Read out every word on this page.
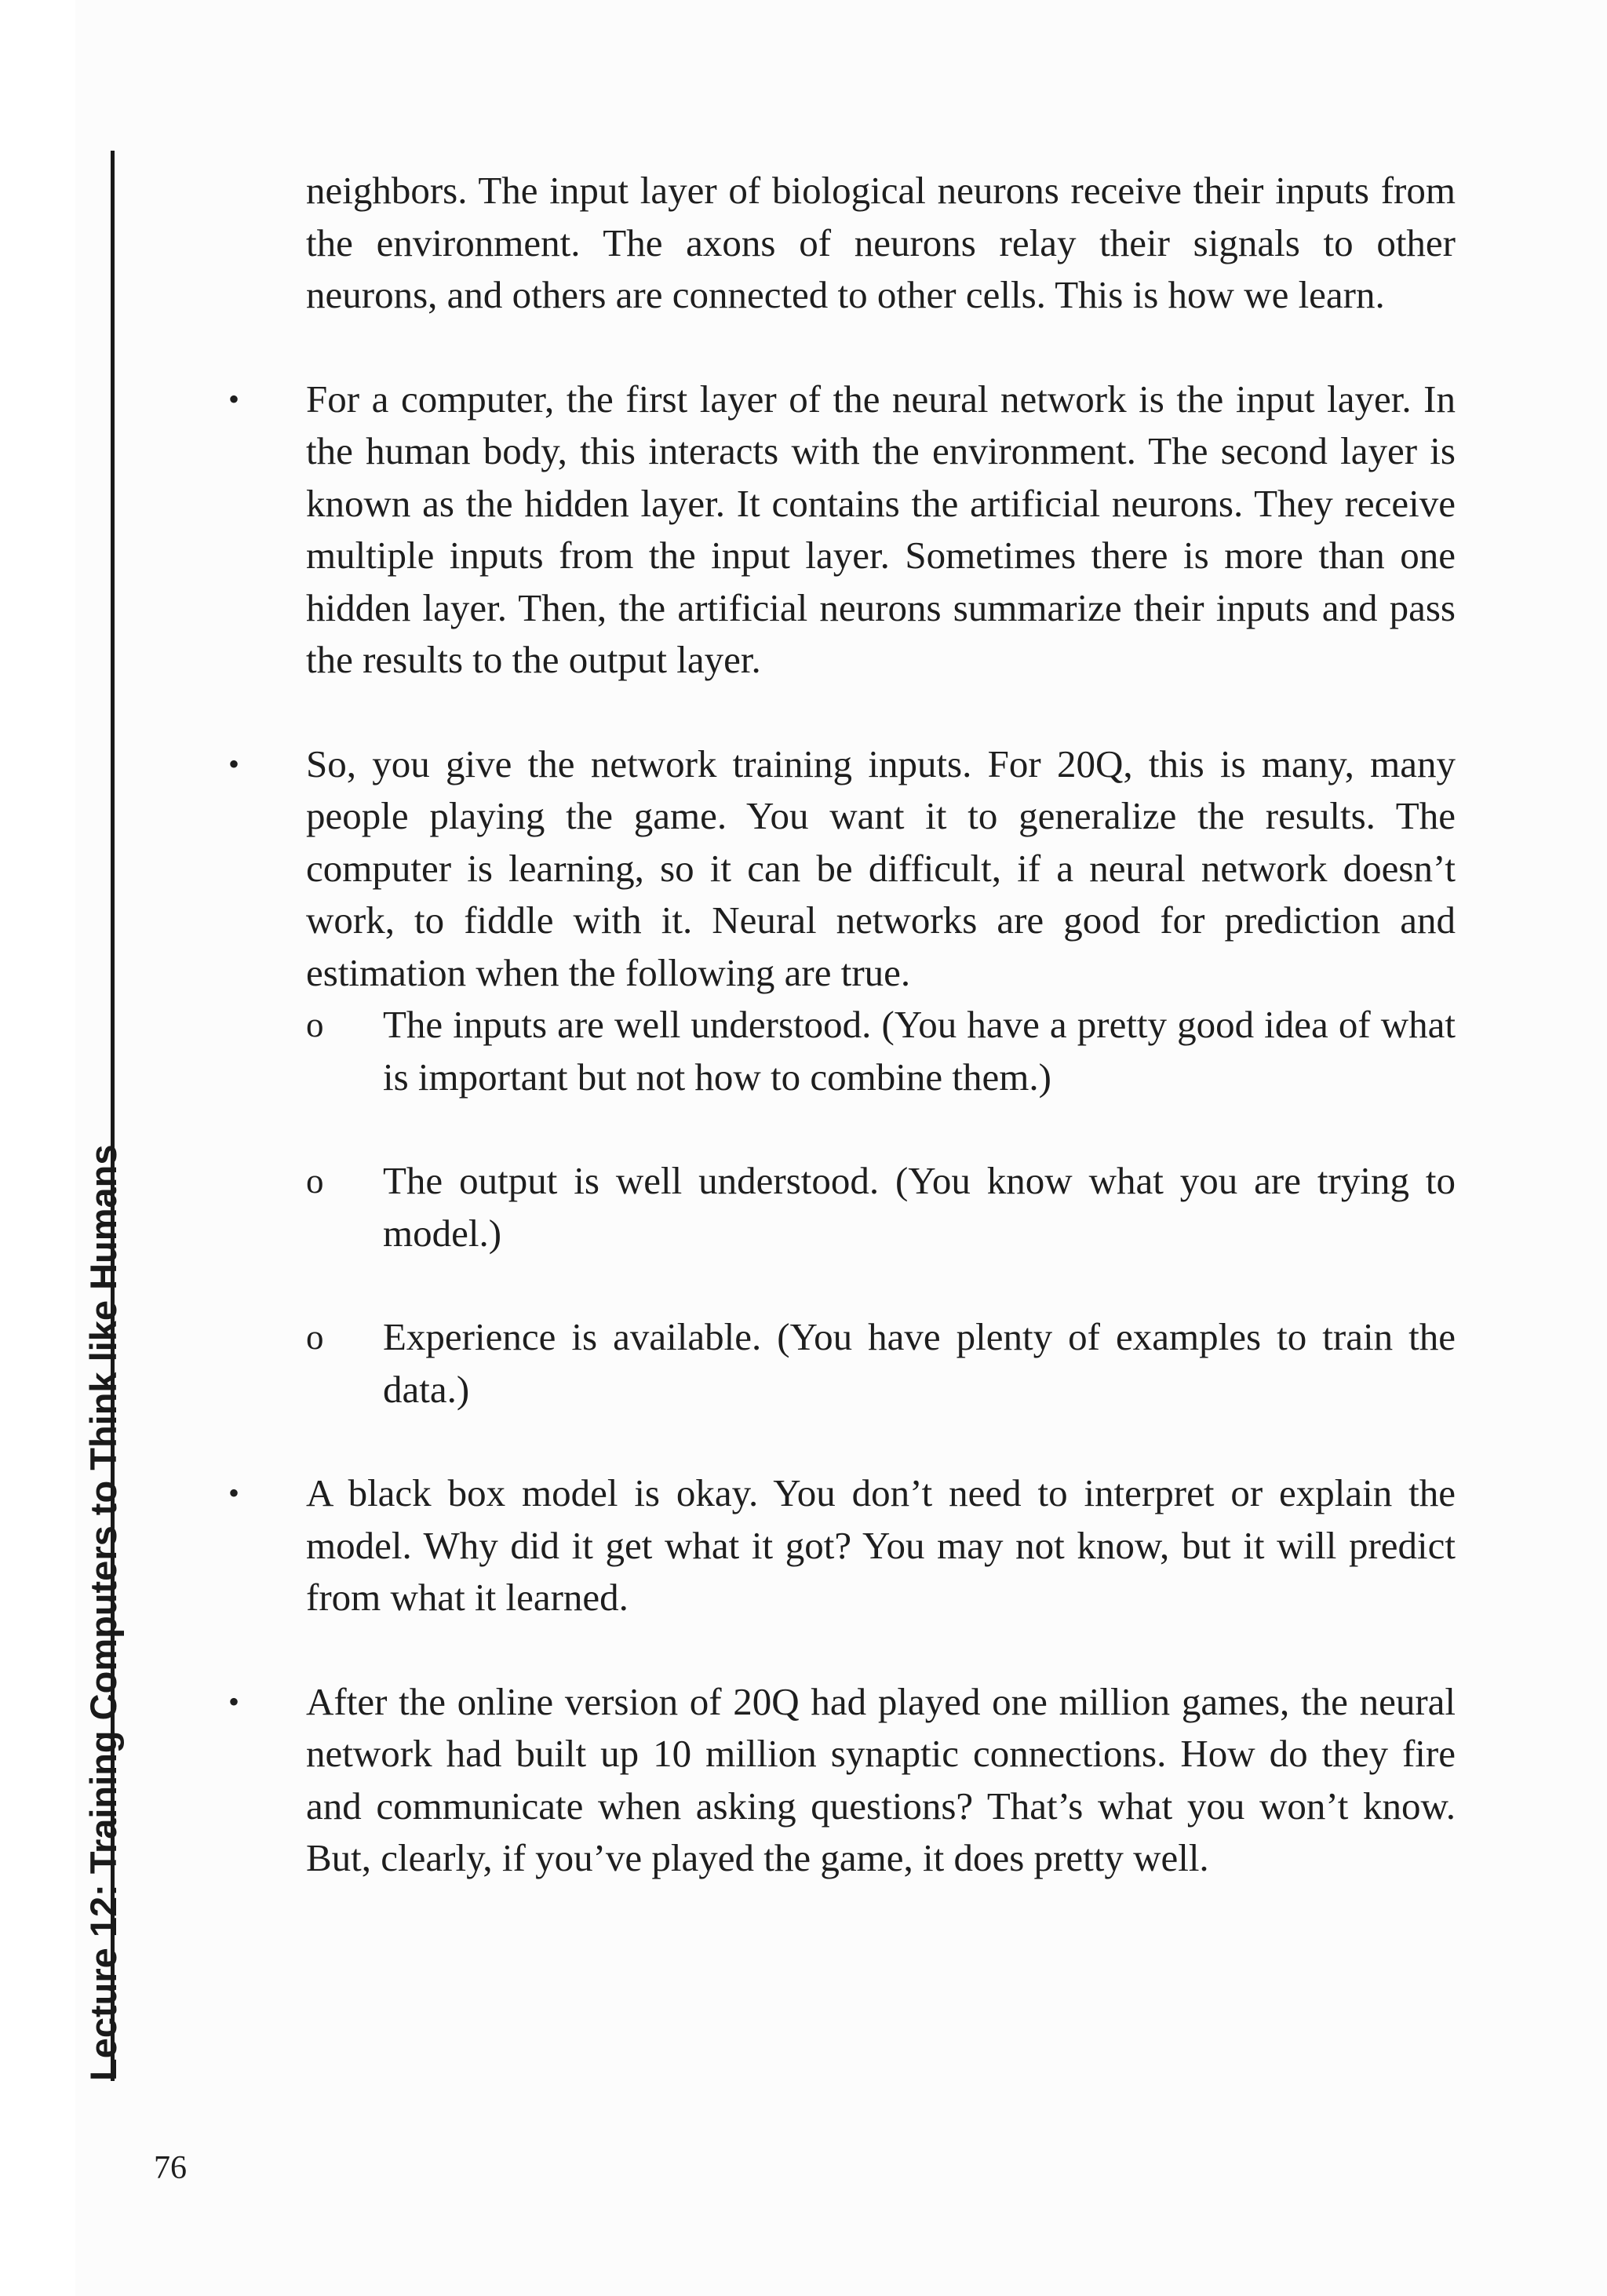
Lecture 12: Training Computers to Think like Humans

neighbors. The input layer of biological neurons receive their inputs from the environment. The axons of neurons relay their signals to other neurons, and others are connected to other cells. This is how we learn.

• For a computer, the first layer of the neural network is the input layer. In the human body, this interacts with the environment. The second layer is known as the hidden layer. It contains the artificial neurons. They receive multiple inputs from the input layer. Sometimes there is more than one hidden layer. Then, the artificial neurons summarize their inputs and pass the results to the output layer.

• So, you give the network training inputs. For 20Q, this is many, many people playing the game. You want it to generalize the results. The computer is learning, so it can be difficult, if a neural network doesn’t work, to fiddle with it. Neural networks are good for prediction and estimation when the following are true.

o The inputs are well understood. (You have a pretty good idea of what is important but not how to combine them.)

o The output is well understood. (You know what you are trying to model.)

o Experience is available. (You have plenty of examples to train the data.)

• A black box model is okay. You don’t need to interpret or explain the model. Why did it get what it got? You may not know, but it will predict from what it learned.

• After the online version of 20Q had played one million games, the neural network had built up 10 million synaptic connections. How do they fire and communicate when asking questions? That’s what you won’t know. But, clearly, if you’ve played the game, it does pretty well.

76
